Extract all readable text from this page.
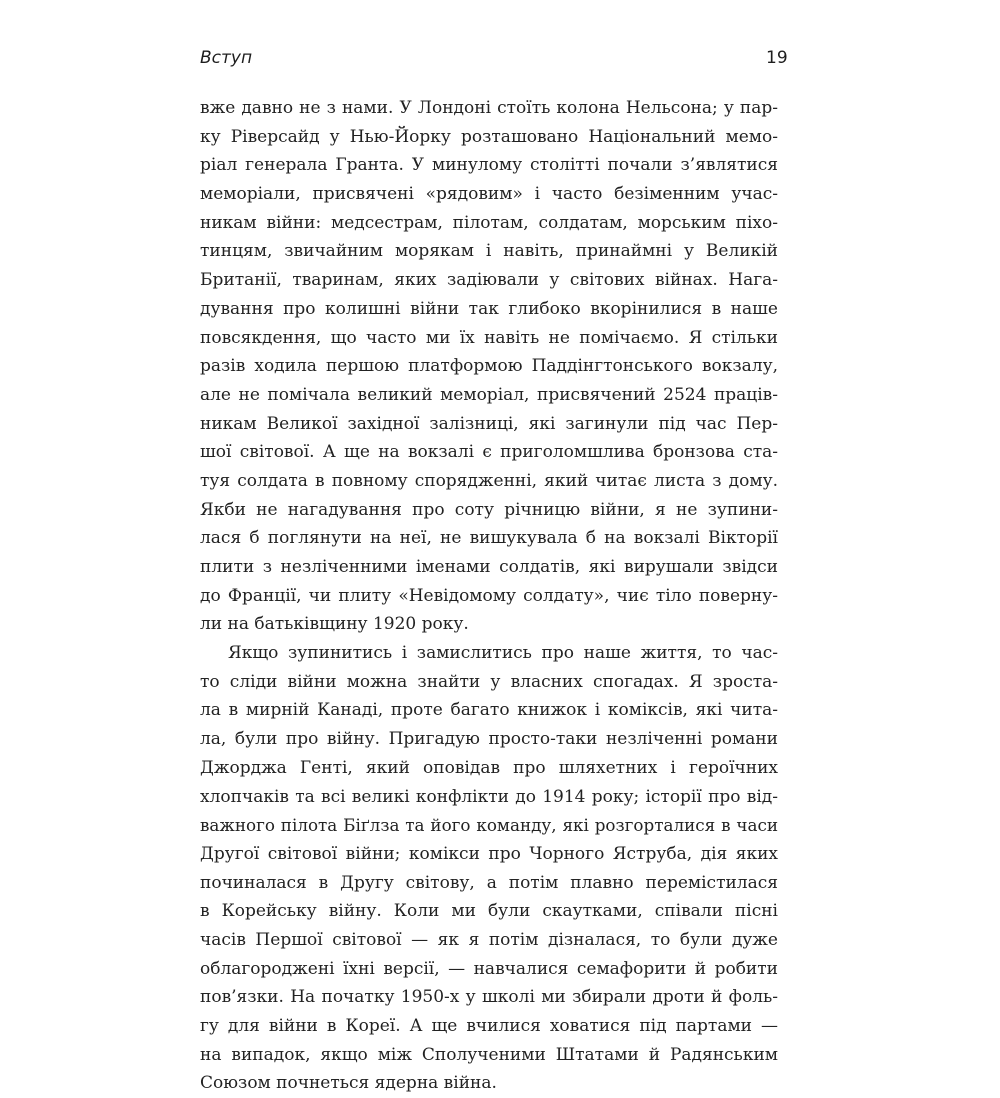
Вступ	19
вже давно не з нами. У Лондоні стоїть колона Нельсона; у пар-
ку Ріверсайд у Нью-Йорку розташовано Національний мемо-
ріал генерала Гранта. У минулому столітті почали з’являтися
меморіали, присвячені «рядовим» і часто безіменним учас-
никам війни: медсестрам, пілотам, солдатам, морським піхо-
тинцям, звичайним морякам і навіть, принаймні у Великій
Британії, тваринам, яких задіювали у світових війнах. Нага-
дування про колишні війни так глибоко вкорінилися в наше
повсякдення, що часто ми їх навіть не помічаємо. Я стільки
разів ходила першою платформою Паддінгтонського вокзалу,
але не помічала великий меморіал, присвячений 2524 праців-
никам Великої західної залізниці, які загинули під час Пер-
шої світової. А ще на вокзалі є приголомшлива бронзова ста-
туя солдата в повному спорядженні, який читає листа з дому.
Якби не нагадування про соту річницю війни, я не зупини-
лася б поглянути на неї, не вишукувала б на вокзалі Вікторії
плити з незліченними іменами солдатів, які вирушали звідси
до Франції, чи плиту «Невідомому солдату», чиє тіло поверну-
ли на батьківщину 1920 року.
Якщо зупинитись і замислитись про наше життя, то час-
то сліди війни можна знайти у власних спогадах. Я зроста-
ла в мирній Канаді, проте багато книжок і коміксів, які чита-
ла, були про війну. Пригадую просто-таки незліченні романи
Джорджа Генті, який оповідав про шляхетних і героїчних
хлопчаків та всі великі конфлікти до 1914 року; історії про від-
важного пілота Біґлза та його команду, які розгорталися в часи
Другої світової війни; комікси про Чорного Яструба, дія яких
починалася в Другу світову, а потім плавно перемістилася
в Корейську війну. Коли ми були скаутками, співали пісні
часів Першої світової — як я потім дізналася, то були дуже
облагороджені їхні версії, — навчалися семафорити й робити
пов’язки. На початку 1950-х у школі ми збирали дроти й фоль-
гу для війни в Кореї. А ще вчилися ховатися під партами —
на випадок, якщо між Сполученими Штатами й Радянським
Союзом почнеться ядерна війна.
